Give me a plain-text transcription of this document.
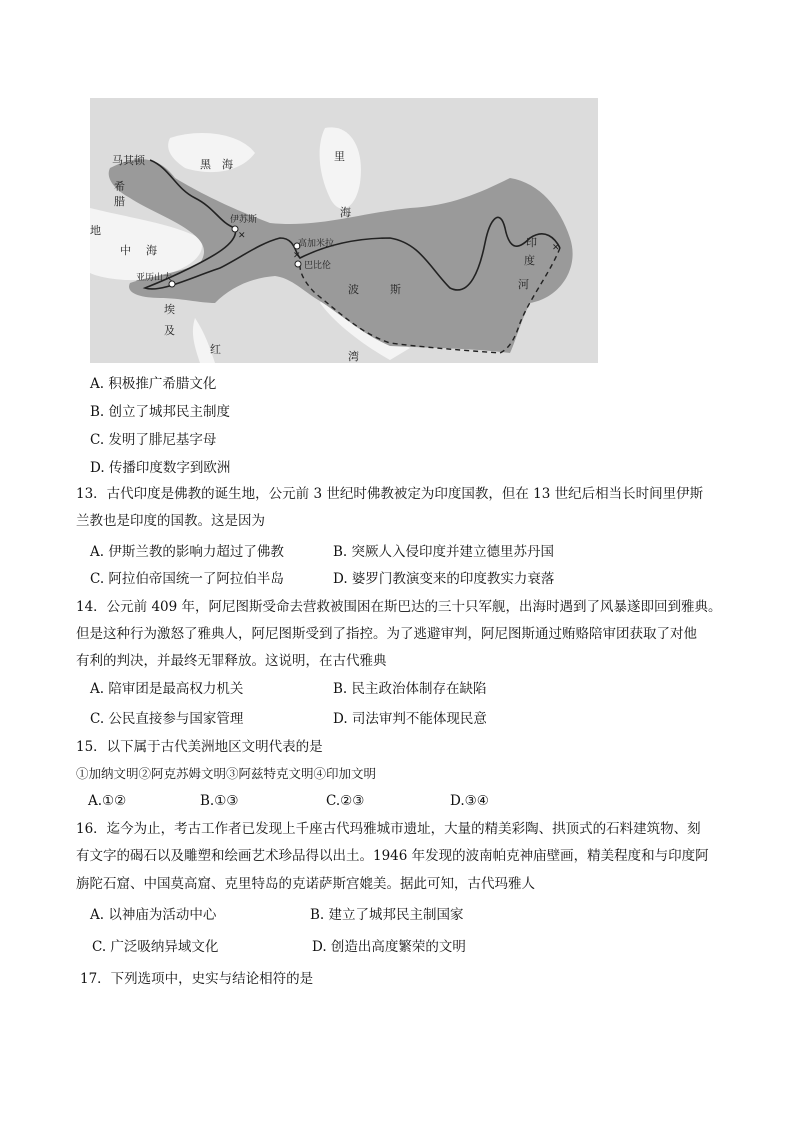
✕
✕
✕
马其顿
希
腊
黑 海
里
海
伊苏斯
高加米拉
巴比伦
亚历山大
地
中 海
埃
及
波	斯
印
度
河
红
湾
A. 积极推广希腊文化
B. 创立了城邦民主制度
C. 发明了腓尼基字母
D. 传播印度数字到欧洲
13．古代印度是佛教的诞生地，公元前 3 世纪时佛教被定为印度国教，但在 13 世纪后相当长时间里伊斯
兰教也是印度的国教。这是因为
A. 伊斯兰教的影响力超过了佛教	B. 突厥人入侵印度并建立德里苏丹国
C. 阿拉伯帝国统一了阿拉伯半岛	D. 婆罗门教演变来的印度教实力衰落
14．公元前 409 年，阿尼图斯受命去营救被围困在斯巴达的三十只军舰，出海时遇到了风暴遂即回到雅典。
但是这种行为激怒了雅典人，阿尼图斯受到了指控。为了逃避审判，阿尼图斯通过贿赂陪审团获取了对他
有利的判决，并最终无罪释放。这说明，在古代雅典
A. 陪审团是最高权力机关	B. 民主政治体制存在缺陷
C. 公民直接参与国家管理	D. 司法审判不能体现民意
15．以下属于古代美洲地区文明代表的是
①加纳文明②阿克苏姆文明③阿兹特克文明④印加文明
A.①②	B.①③	C.②③	D.③④
16．迄今为止，考古工作者已发现上千座古代玛雅城市遗址，大量的精美彩陶、拱顶式的石料建筑物、刻
有文字的碣石以及雕塑和绘画艺术珍品得以出土。1946 年发现的波南帕克神庙壁画，精美程度和与印度阿
旃陀石窟、中国莫高窟、克里特岛的克诺萨斯宫媲美。据此可知，古代玛雅人
A. 以神庙为活动中心	B. 建立了城邦民主制国家
C. 广泛吸纳异域文化	D. 创造出高度繁荣的文明
17．下列选项中，史实与结论相符的是
